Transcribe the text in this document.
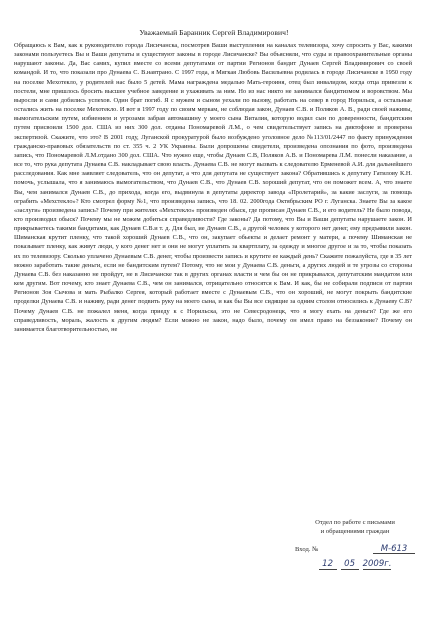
Уважаемый Баранник Сергей Владимирович!

Обращаюсь к Вам, как к руководителю города Лисичанска, посмотрев Ваши выступления на каналах телевизора, хочу спросить у Вас, какими законами пользуетесь Вы и Ваши депутаты и существуют законы в городе Лисичанске? Вы объясняли, что суды и правоохранительные органы нарушают законы. Да, Вас самих, купил вместе со всеми депутатами от партии Регионов бандит Дунаев Сергей Владимирович со своей командой. И то, что показали про Дунаева С. В.навтрано. С 1997 года, я Мягкая Любовь Васильевна родилась в городе Лисичанске в 1950 году на поселке Мехотекло, у родителей нас было 5 детей. Мама награждена медалью Мать-героиня, отец был инвалидом, когда отца привезли к постели, мне пришлось бросить высшее учебное заведение и ухаживать за ним. Но из нас никто не занимался бандитизмом и воровством. Мы выросли и сами добились успехов. Один брат погиб. Я с мужем и сыном уехали по вызову, работать на север в город Норильск, а остальные остались жить на поселке Мехотекло. И вот в 1997 году по своим меркам, не соблюдая закон, Дунаев С.В. и Поляков А. В., ради своей наживы, вымогательским путем, избиением и угрозами забрав автомашину у моего сына Виталия, которую водил сын по доверенности, бандитским путем присвоили 1500 дол. США из них 300 дол. отданы Пономаревой Л.М., о чем свидетельствует запись на диктофоне и проверена экспертизой. Скажите, что это? В 2001 году, Луганской прокуратурой было возбуждено уголовное дело №113/01/2447 по факту принуждения гражданско-правовых обязательств по ст. 355 ч. 2 УК Украины. Были допрошены свидетели, произведена опознания по фото, произведена запись, что Пономаревой Л.М.отдано 300 дол. США. Что нужно еще, чтобы Дунаев С.В, Поляков А.В. и Пономарева Л.М. понесли наказание, а все то, что рука депутата Дунаева С.В. накладывает свою власть. Дунаева С.В. не могут вызвать к следователю Ерменевой А.И. для дальнейшего расследования. Как мне заявляет следователь, что он депутат, а что для депутата не существует закона? Обратившись к депутату Гатилову К.Н. помочь, услышала, что я занимаюсь вымогательством, что Дунаев С.В., что Дунаев С.В. хороший депутат, что он поможет всем. А, что знаете Вы, чем занимался Дунаев С.В., до прихода, когда его, выдвинула в депутаты директор завода «Пролетарий», за какие заслуги, за помощь ограбить «Мехстекло»? Кто смотрел форму №1, что произведена запись, что 18. 02. 2000года Октябрьским РО г. Луганска. Знаете Вы за какое «заслуги» произведена запись? Почему при жителях «Мехстекло» произведен обыск, где прописан Дунаев С.В., и его водитель? Не было повода, кто производил обыск? Почему мы не можем добиться справедливости? Где законы? Да потому, что Вы и Ваши депутаты нарушаете закон. И прикрываетесь такими бандитами, как Дунаев С.В.и т. д. Для был, ие Дунаев С.В., а другой человек у которого нет денег, ему предъявили закон. Шиманская крутит пленку, что такой хороший Дунаев С.В., что он, закупает обьекты и делает ремонт у матери, а почему Шиманская не показывает пленку, как живут люди, у кого денег нет и они не могут уплатить за квартплату, за одежду и многое другое и за то, чтобы показать их по телевизору. Сколько уплачено Дунаевым С.В. денег, чтобы произвести запись и крутите ее каждый день? Скажите пожалуйста, где в 35 лет можно заработать такие деньги, если не бандитским путем? Потому, что не мои у Дунаева С.В. деньги, а других людей и те угрозы со стороны Дунаева С.В. без наказанно не пройдут, не в Лисичанске так в других органах власти и чем бы он не прикрывался, депутатским мандатом или кем другим. Вот почему, кто знает Дунаева С.В., чем он занимался, отрицательно относятся к Вам. И как, бы не собирали подписи от партии Регионов Зоя Сычова и мать Рыбалко Сергея, который работает вместе с Дунаевым С.В., что он хороший, не могут покрыть бандитские проделки Дунаева С.В. и наживу, ради денег подвить руку на моего сына, и как бы Вы все сидящие за одним столом относились к Дунаеву С.В? Почему Дунаев С.В. не пожалел меня, когда приеду к с Норильска, это не Севесродонецк, что я могу ехать на деньги? Где же его справедливость, мораль, жалость к другим людям? Если можно не закон, надо было, почему он имел право на беззаконие? Почему он занимается благотворительностью, не

Отдел по работе с письмами
и обращениями граждан
Вход. №	М-613
12	05 2009г.
